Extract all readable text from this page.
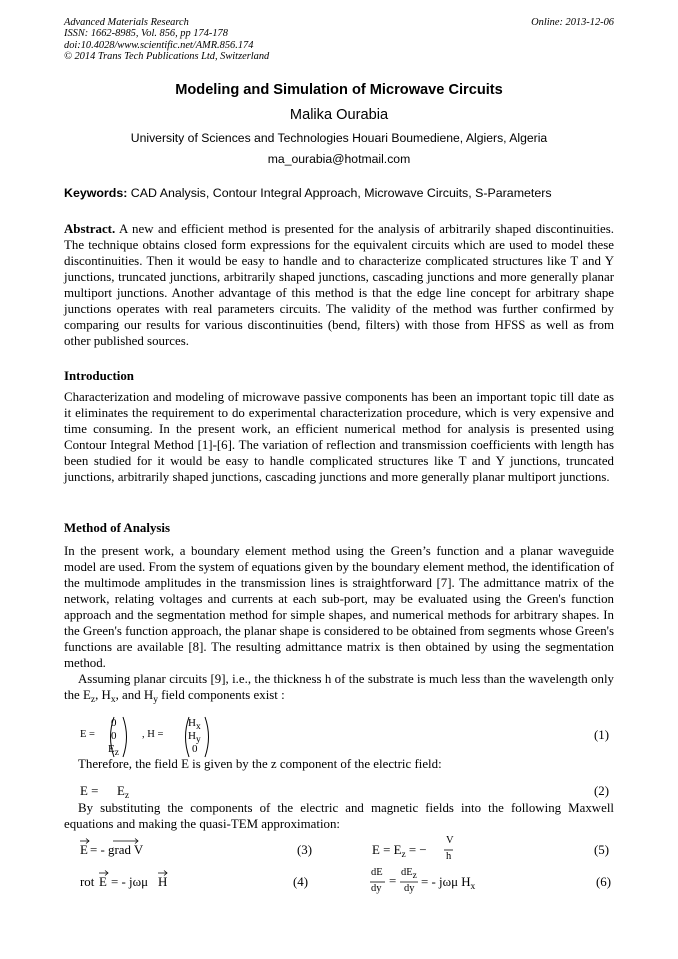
Advanced Materials Research
ISSN: 1662-8985, Vol. 856, pp 174-178
doi:10.4028/www.scientific.net/AMR.856.174
© 2014 Trans Tech Publications Ltd, Switzerland
Online: 2013-12-06
Modeling and Simulation of Microwave Circuits
Malika Ourabia
University of Sciences and Technologies Houari Boumediene, Algiers, Algeria
ma_ourabia@hotmail.com
Keywords: CAD Analysis, Contour Integral Approach, Microwave Circuits, S-Parameters

Abstract. A new and efficient method is presented for the analysis of arbitrarily shaped discontinuities. The technique obtains closed form expressions for the equivalent circuits which are used to model these discontinuities. Then it would be easy to handle and to characterize complicated structures like T and Y junctions, truncated junctions, arbitrarily shaped junctions, cascading junctions and more generally planar multiport junctions. Another advantage of this method is that the edge line concept for arbitrary shape junctions operates with real parameters circuits. The validity of the method was further confirmed by comparing our results for various discontinuities (bend, filters) with those from HFSS as well as from other published sources.

Introduction

Characterization and modeling of microwave passive components has been an important topic till date as it eliminates the requirement to do experimental characterization procedure, which is very expensive and time consuming. In the present work, an efficient numerical method for analysis is presented using Contour Integral Method [1]-[6]. The variation of reflection and transmission coefficients with length has been studied for it would be easy to handle complicated structures like T and Y junctions, truncated junctions, arbitrarily shaped junctions, cascading junctions and more generally planar multiport junctions.

Method of Analysis

In the present work, a boundary element method using the Green’s function and a planar waveguide model are used. From the system of equations given by the boundary element method, the identification of the multimode amplitudes in the transmission lines is straightforward [7]. The admittance matrix of the network, relating voltages and currents at each sub-port, may be evaluated using the Green's function approach and the segmentation method for simple shapes, and numerical methods for arbitrary shapes. In the Green's function approach, the planar shape is considered to be obtained from segments whose Green's functions are available [8]. The resulting admittance matrix is then obtained by using the segmentation method.

Assuming planar circuits [9], i.e., the thickness h of the substrate is much less than the wavelength only the $E_z$, $H_x$, and $H_y$ field components exist :

E =
0
0
$E_z$
, H =
$H_x$
$H_y$
0
(1)

Therefore, the field E is given by the z component of the electric field:

$E = E_z$	(2)

By substituting the components of the electric and magnetic fields into the following Maxwell equations and making the quasi-TEM approximation:

E = - grad V	(3)	$E = E_z$ = −
V
h	(5)
rot E = - jωμ H	(4)
dE
dy
=
$dE_z$
dy = - jωμ $H_x$	(6)
